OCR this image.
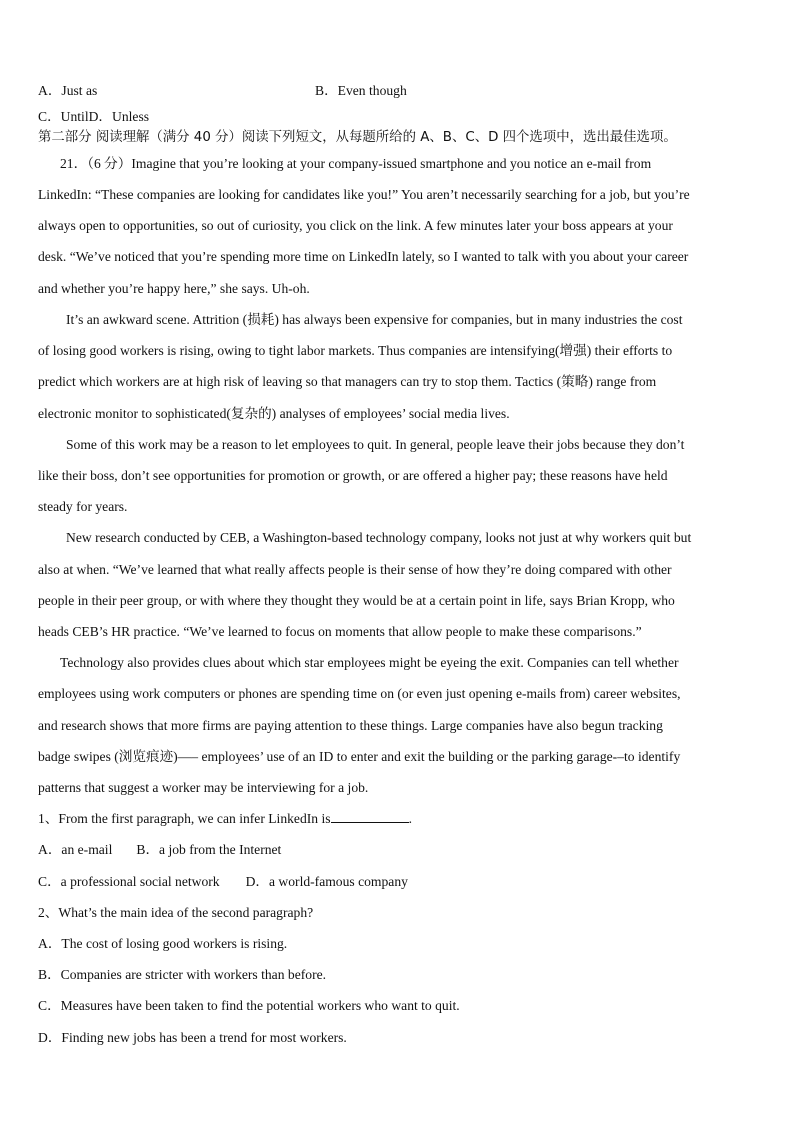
A．Just as	B．Even though
C．UntilD．Unless
第二部分 阅读理解（满分 40 分）阅读下列短文，从每题所给的 A、B、C、D 四个选项中，选出最佳选项。
21．（6 分）Imagine that you’re looking at your company-issued smartphone and you notice an e-mail from
LinkedIn: “These companies are looking for candidates like you!” You aren’t necessarily searching for a job, but you’re
always open to opportunities, so out of curiosity, you click on the link. A few minutes later your boss appears at your
desk. “We’ve noticed that you’re spending more time on LinkedIn lately, so I wanted to talk with you about your career
and whether you’re happy here,” she says. Uh-oh.
It’s an awkward scene. Attrition (损耗) has always been expensive for companies, but in many industries the cost
of losing good workers is rising, owing to tight labor markets. Thus companies are intensifying(增强) their efforts to
predict which workers are at high risk of leaving so that managers can try to stop them. Tactics (策略) range from
electronic monitor to sophisticated(复杂的) analyses of employees’ social media lives.
Some of this work may be a reason to let employees to quit. In general, people leave their jobs because they don’t
like their boss, don’t see opportunities for promotion or growth, or are offered a higher pay; these reasons have held
steady for years.
New research conducted by CEB, a Washington-based technology company, looks not just at why workers quit but
also at when. “We’ve learned that what really affects people is their sense of how they’re doing compared with other
people in their peer group, or with where they thought they would be at a certain point in life, says Brian Kropp, who
heads CEB’s HR practice. “We’ve learned to focus on moments that allow people to make these comparisons.”
Technology also provides clues about which star employees might be eyeing the exit. Companies can tell whether
employees using work computers or phones are spending time on (or even just opening e-mails from) career websites,
and research shows that more firms are paying attention to these things. Large companies have also begun tracking
badge swipes (浏览痕迹)—– employees’ use of an ID to enter and exit the building or the parking garage-–to identify
patterns that suggest a worker may be interviewing for a job.
1、From the first paragraph, we can infer LinkedIn is	.
A．an e-mail B．a job from the Internet
C．a professional social network D．a world-famous company
2、What’s the main idea of the second paragraph?
A．The cost of losing good workers is rising.
B．Companies are stricter with workers than before.
C．Measures have been taken to find the potential workers who want to quit.
D．Finding new jobs has been a trend for most workers.
